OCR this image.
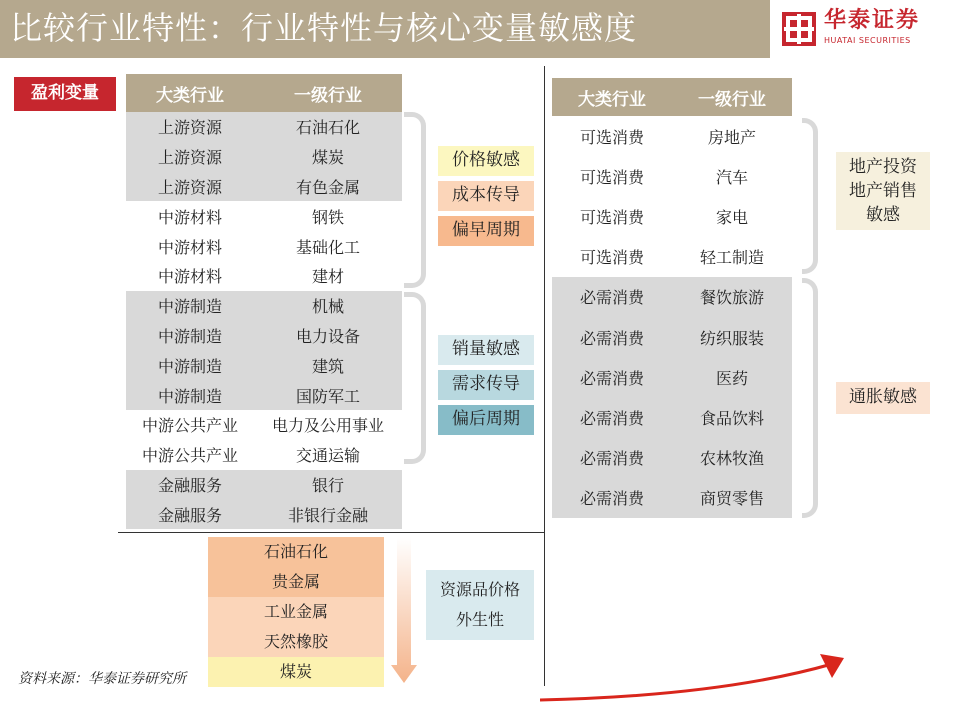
比较行业特性：行业特性与核心变量敏感度	华泰证券
HUATAI SECURITIES
盈利变量	大类行业	一级行业
上游资源	石油石化
上游资源	煤炭
上游资源	有色金属
中游材料	钢铁
中游材料	基础化工
中游材料	建材
中游制造	机械
中游制造	电力设备
中游制造	建筑
中游制造	国防军工
中游公共产业	电力及公用事业
中游公共产业	交通运输
金融服务	银行
金融服务	非银行金融
价格敏感
成本传导
偏早周期
销量敏感
需求传导
偏后周期
石油石化
贵金属
工业金属
天然橡胶
煤炭
资源品价格
外生性
大类行业	一级行业
可选消费	房地产
可选消费	汽车
可选消费	家电
可选消费	轻工制造
必需消费	餐饮旅游
必需消费	纺织服装
必需消费	医药
必需消费	食品饮料
必需消费	农林牧渔
必需消费	商贸零售
地产投资
地产销售
敏感
通胀敏感
资料来源：华泰证券研究所
